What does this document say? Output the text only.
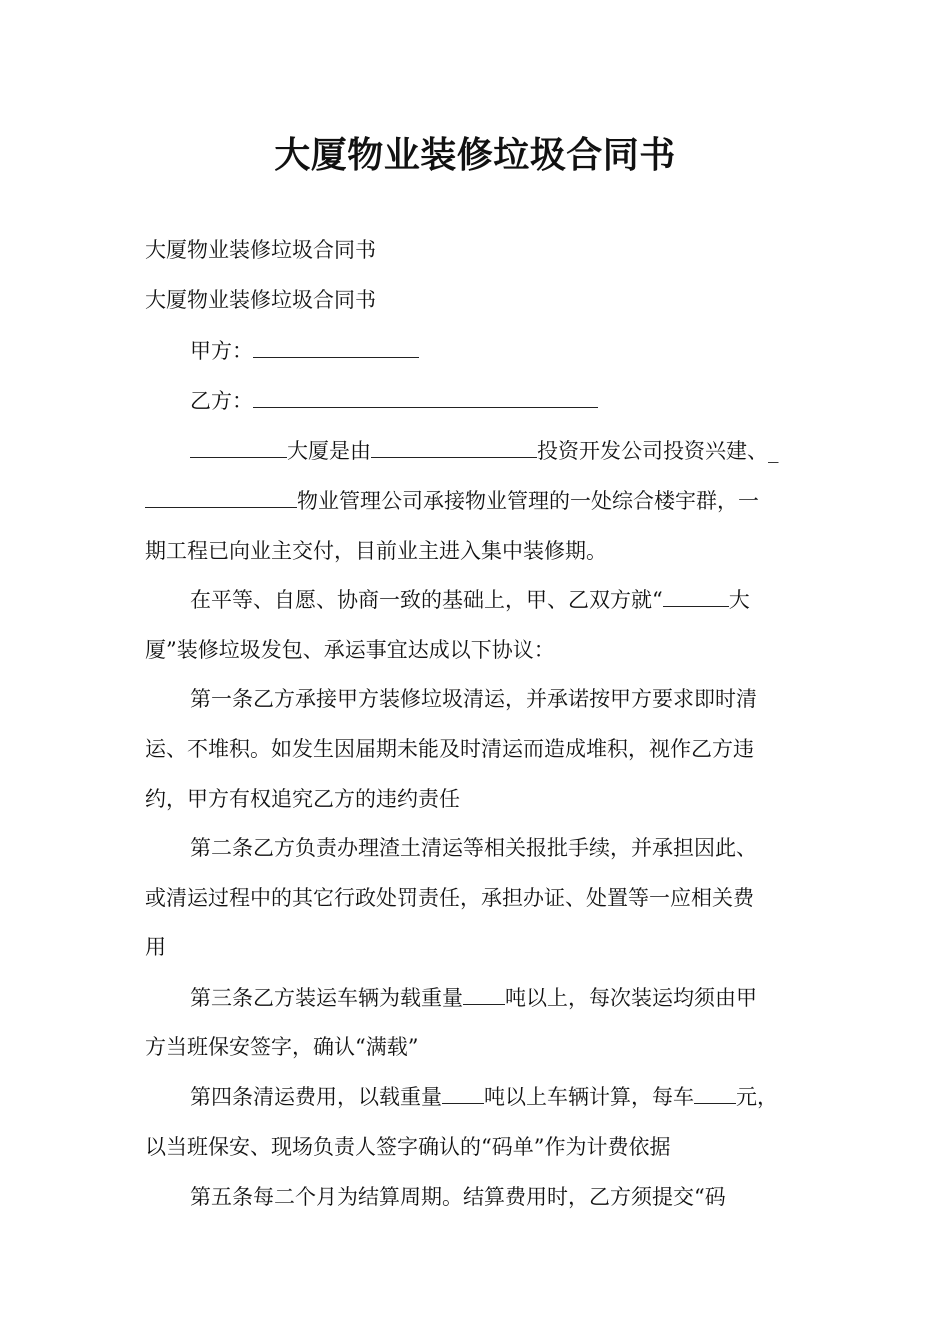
大厦物业装修垃圾合同书
大厦物业装修垃圾合同书
大厦物业装修垃圾合同书
甲方：
乙方：
大厦是由	投资开发公司投资兴建、_
物业管理公司承接物业管理的一处综合楼宇群，一
期工程已向业主交付，目前业主进入集中装修期。
在平等、自愿、协商一致的基础上，甲、乙双方就“	大
厦”装修垃圾发包、承运事宜达成以下协议：
第一条乙方承接甲方装修垃圾清运，并承诺按甲方要求即时清
运、不堆积。如发生因届期未能及时清运而造成堆积，视作乙方违
约，甲方有权追究乙方的违约责任
第二条乙方负责办理渣土清运等相关报批手续，并承担因此、
或清运过程中的其它行政处罚责任，承担办证、处置等一应相关费
用
第三条乙方装运车辆为载重量 吨以上，每次装运均须由甲
方当班保安签字，确认“满载”
第四条清运费用，以载重量 吨以上车辆计算，每车 元，
以当班保安、现场负责人签字确认的“码单”作为计费依据
第五条每二个月为结算周期。结算费用时，乙方须提交“码
